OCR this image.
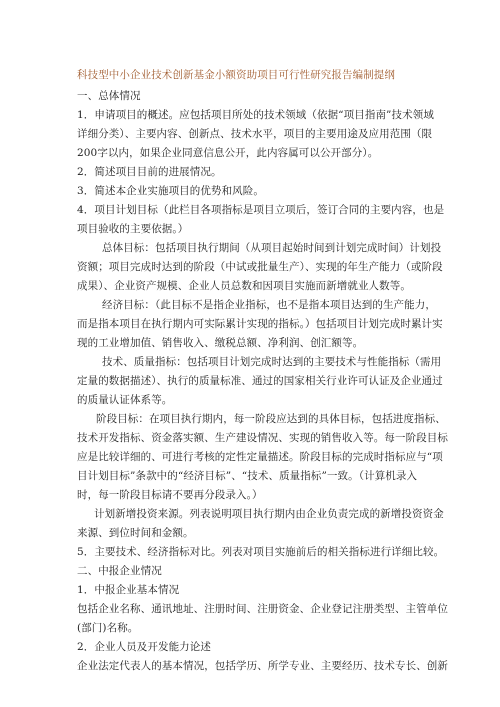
科技型中小企业技术创新基金小额资助项目可行性研究报告编制提纲
一、总体情况
1．申请项目的概述。应包括项目所处的技术领域（依据“项目指南”技术领域
详细分类）、主要内容、创新点、技术水平，项目的主要用途及应用范围（限
200字以内，如果企业同意信息公开，此内容属可以公开部分）。
2．简述项目目前的进展情况。
3．简述本企业实施项目的优势和风险。
4．项目计划目标（此栏目各项指标是项目立项后，签订合同的主要内容，也是
项目验收的主要依据。）
总体目标：包括项目执行期间（从项目起始时间到计划完成时间）计划投
资额；项目完成时达到的阶段（中试或批量生产）、实现的年生产能力（或阶段
成果）、企业资产规模、企业人员总数和因项目实施而新增就业人数等。
经济目标：（此目标不是指企业指标，也不是指本项目达到的生产能力，
而是指本项目在执行期内可实际累计实现的指标。）包括项目计划完成时累计实
现的工业增加值、销售收入、缴税总额、净利润、创汇额等。
技术、质量指标：包括项目计划完成时达到的主要技术与性能指标（需用
定量的数据描述）、执行的质量标准、通过的国家相关行业许可认证及企业通过
的质量认证体系等。
阶段目标：在项目执行期内，每一阶段应达到的具体目标，包括进度指标、
技术开发指标、资金落实额、生产建设情况、实现的销售收入等。每一阶段目标
应是比较详细的、可进行考核的定性定量描述。阶段目标的完成时指标应与“项
目计划目标”条款中的“经济目标”、“技术、质量指标”一致。（计算机录入
时，每一阶段目标请不要再分段录入。）
计划新增投资来源。列表说明项目执行期内由企业负责完成的新增投资资金
来源、到位时间和金额。
5．主要技术、经济指标对比。列表对项目实施前后的相关指标进行详细比较。
二、中报企业情况
1．中报企业基本情况
包括企业名称、通讯地址、注册时间、注册资金、企业登记注册类型、主管单位
(部门)名称。
2．企业人员及开发能力论述
企业法定代表人的基本情况，包括学历、所学专业、主要经历、技术专长、创新
